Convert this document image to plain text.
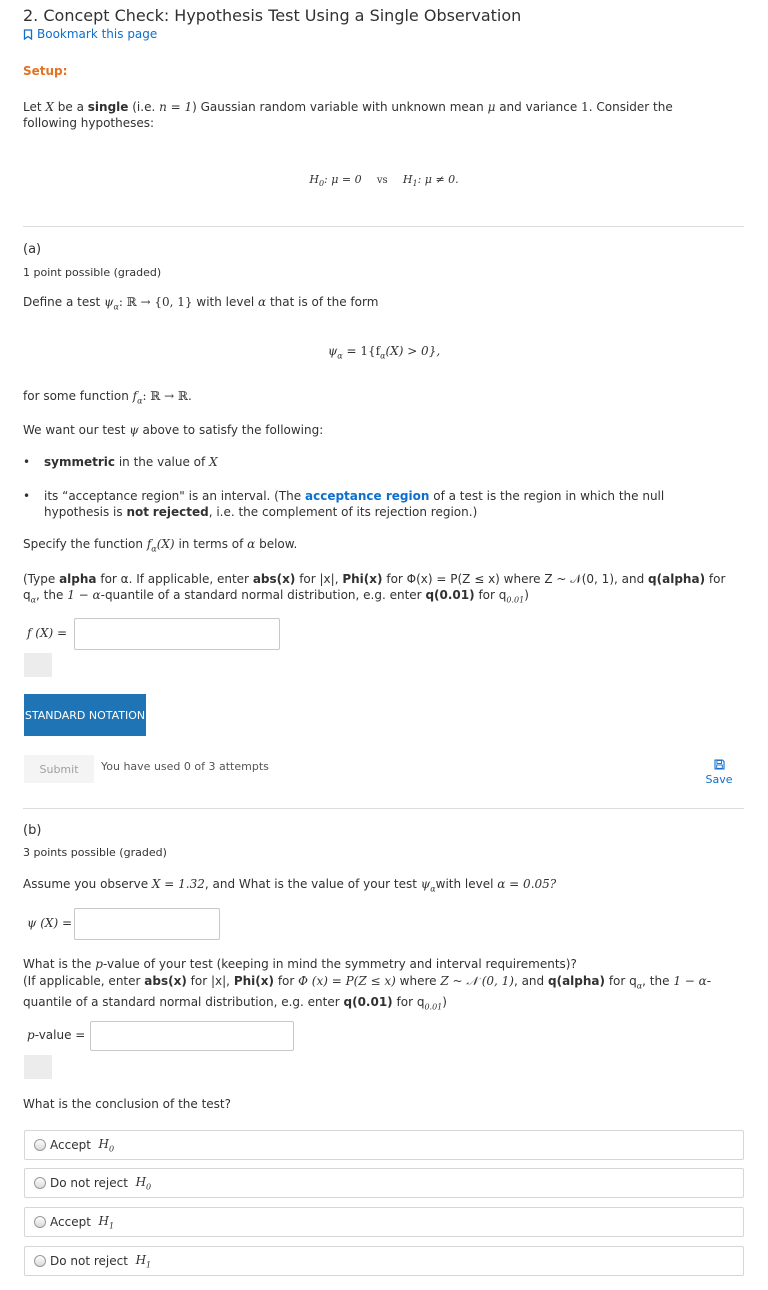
2. Concept Check: Hypothesis Test Using a Single Observation
Bookmark this page
Setup:
Let X be a single (i.e. n = 1) Gaussian random variable with unknown mean μ and variance 1. Consider the following hypotheses:
$H_0$: μ = 0 vs $H_1$: μ ≠ 0.
(a)
1 point possible (graded)
Define a test $\psi_\alpha$: ℝ → {0, 1} with level α that is of the form
$\psi_\alpha = 1\{f_\alpha(X) > 0\}$,
for some function $f_\alpha$: ℝ → ℝ.
We want our test ψ above to satisfy the following:
• symmetric in the value of X
• its “acceptance region" is an interval. (The acceptance region of a test is the region in which the null hypothesis is not rejected, i.e. the complement of its rejection region.)
Specify the function $f_\alpha(X)$ in terms of α below.
(Type alpha for α. If applicable, enter abs(x) for |x|, Phi(x) for Φ(x) = P(Z ≤ x) where Z ~ 𝒩(0, 1), and q(alpha) for $q_\alpha$, the 1 − α-quantile of a standard normal distribution, e.g. enter q(0.01) for $q_{0.01}$)
f (X) =
STANDARD NOTATION
Submit	You have used 0 of 3 attempts
Save
(b)
3 points possible (graded)
Assume you observe X = 1.32, and What is the value of your test $\psi_\alpha with$ level α = 0.05?
ψ (X) =
What is the p-value of your test (keeping in mind the symmetry and interval requirements)?
(If applicable, enter abs(x) for |x|, Phi(x) for Φ (x) = P(Z ≤ x) where Z ~ 𝒩 (0, 1), and q(alpha) for $q_\alpha$, the 1 − α-quantile of a standard normal distribution, e.g. enter q(0.01) for $q_{0.01}$)
p-value =
What is the conclusion of the test?
Accept
$H_0$
Do not reject
$H_0$
Accept
$H_1$
Do not reject
$H_1$
